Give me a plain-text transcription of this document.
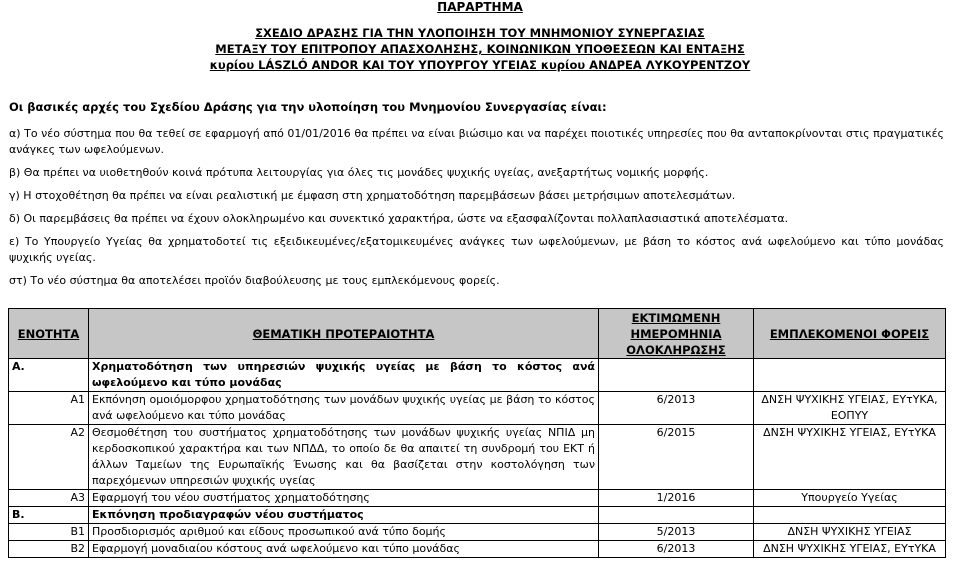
ΠΑΡΑΡΤΗΜΑ
ΣΧΕΔΙΟ ΔΡΑΣΗΣ ΓΙΑ ΤΗΝ ΥΛΟΠΟΙΗΣΗ ΤΟΥ ΜΝΗΜΟΝΙΟΥ ΣΥΝΕΡΓΑΣΙΑΣ
ΜΕΤΑΞΥ ΤΟΥ ΕΠΙΤΡΟΠΟΥ ΑΠΑΣΧΟΛΗΣΗΣ, ΚΟΙΝΩΝΙΚΩΝ ΥΠΟΘΕΣΕΩΝ ΚΑΙ ΕΝΤΑΞΗΣ
κυρίου LÁSZLÓ ANDOR ΚΑΙ ΤΟΥ ΥΠΟΥΡΓΟΥ ΥΓΕΙΑΣ κυρίου ΑΝΔΡΕΑ ΛΥΚΟΥΡΕΝΤΖΟΥ
Οι βασικές αρχές του Σχεδίου Δράσης για την υλοποίηση του Μνημονίου Συνεργασίας είναι:
α) Το νέο σύστημα που θα τεθεί σε εφαρμογή από 01/01/2016 θα πρέπει να είναι βιώσιμο και να παρέχει ποιοτικές υπηρεσίες που θα ανταποκρίνονται στις πραγματικές ανάγκες των ωφελούμενων.
β) Θα πρέπει να υιοθετηθούν κοινά πρότυπα λειτουργίας για όλες τις μονάδες ψυχικής υγείας, ανεξαρτήτως νομικής μορφής.
γ) Η στοχοθέτηση θα πρέπει να είναι ρεαλιστική με έμφαση στη χρηματοδότηση παρεμβάσεων βάσει μετρήσιμων αποτελεσμάτων.
δ) Οι παρεμβάσεις θα πρέπει να έχουν ολοκληρωμένο και συνεκτικό χαρακτήρα, ώστε να εξασφαλίζονται πολλαπλασιαστικά αποτελέσματα.
ε) Το Υπουργείο Υγείας θα χρηματοδοτεί τις εξειδικευμένες/εξατομικευμένες ανάγκες των ωφελούμενων, με βάση το κόστος ανά ωφελούμενο και τύπο μονάδας ψυχικής υγείας.
στ) Το νέο σύστημα θα αποτελέσει προϊόν διαβούλευσης με τους εμπλεκόμενους φορείς.
ΕΝΟΤΗΤΑ	ΘΕΜΑΤΙΚΗ ΠΡΟΤΕΡΑΙΟΤΗΤΑ	ΕΚΤΙΜΩΜΕΝΗ ΗΜΕΡΟΜΗΝΙΑ ΟΛΟΚΛΗΡΩΣΗΣ	ΕΜΠΛΕΚΟΜΕΝΟΙ ΦΟΡΕΙΣ
Α.	Χρηματοδότηση των υπηρεσιών ψυχικής υγείας με βάση το κόστος ανά ωφελούμενο και τύπο μονάδας		
Α1	Εκπόνηση ομοιόμορφου χρηματοδότησης των μονάδων ψυχικής υγείας με βάση το κόστος ανά ωφελούμενο και τύπο μονάδας	6/2013	ΔΝΣΗ ΨΥΧΙΚΗΣ ΥΓΕΙΑΣ, ΕΥτΥΚΑ, ΕΟΠΥΥ
Α2	Θεσμοθέτηση του συστήματος χρηματοδότησης των μονάδων ψυχικής υγείας ΝΠΙΔ μη κερδοσκοπικού χαρακτήρα και των ΝΠΔΔ, το οποίο δε θα απαιτεί τη συνδρομή του ΕΚΤ ή άλλων Ταμείων της Ευρωπαϊκής Ένωσης και θα βασίζεται στην κοστολόγηση των παρεχόμενων υπηρεσιών ψυχικής υγείας	6/2015	ΔΝΣΗ ΨΥΧΙΚΗΣ ΥΓΕΙΑΣ, ΕΥτΥΚΑ
Α3	Εφαρμογή του νέου συστήματος χρηματοδότησης	1/2016	Υπουργείο Υγείας
Β.	Εκπόνηση προδιαγραφών νέου συστήματος		
Β1	Προσδιορισμός αριθμού και είδους προσωπικού ανά τύπο δομής	5/2013	ΔΝΣΗ ΨΥΧΙΚΗΣ ΥΓΕΙΑΣ
Β2	Εφαρμογή μοναδιαίου κόστους ανά ωφελούμενο και τύπο μονάδας	6/2013	ΔΝΣΗ ΨΥΧΙΚΗΣ ΥΓΕΙΑΣ, ΕΥτΥΚΑ
